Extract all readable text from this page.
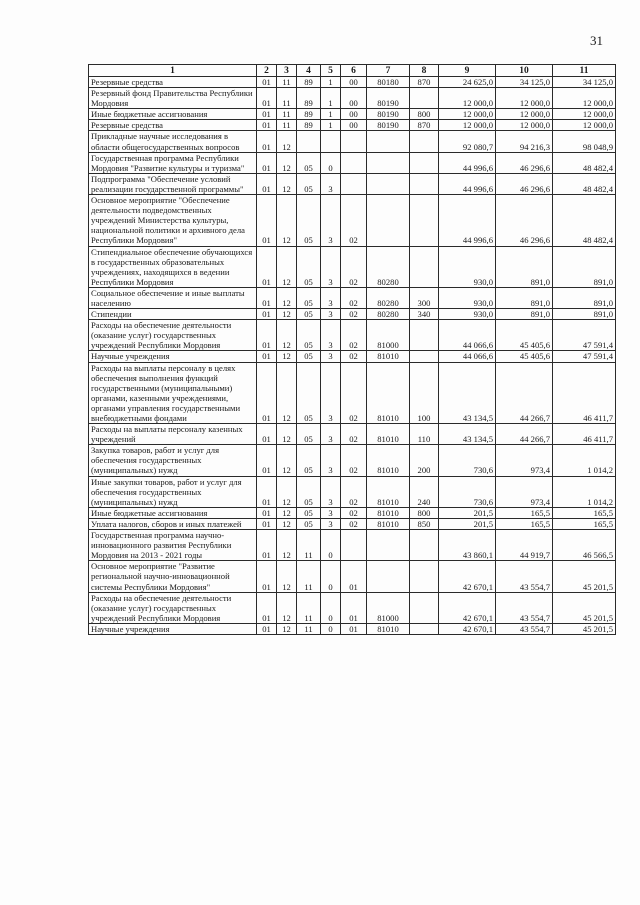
31
1	2	3	4	5	6	7	8	9	10	11
Резервные средства	01	11	89	1	00	80180	870	24 625,0	34 125,0	34 125,0
Резервный фонд Правительства Республики Мордовия	01	11	89	1	00	80190		12 000,0	12 000,0	12 000,0
Иные бюджетные ассигнования	01	11	89	1	00	80190	800	12 000,0	12 000,0	12 000,0
Резервные средства	01	11	89	1	00	80190	870	12 000,0	12 000,0	12 000,0
Прикладные научные исследования в области общегосударственных вопросов	01	12						92 080,7	94 216,3	98 048,9
Государственная программа Республики Мордовия "Развитие культуры и туризма"	01	12	05	0				44 996,6	46 296,6	48 482,4
Подпрограмма "Обеспечение условий реализации государственной программы"	01	12	05	3				44 996,6	46 296,6	48 482,4
Основное мероприятие "Обеспечение деятельности подведомственных учреждений Министерства культуры, национальной политики и архивного дела Республики Мордовия"	01	12	05	3	02			44 996,6	46 296,6	48 482,4
Стипендиальное обеспечение обучающихся в государственных образовательных учреждениях, находящихся в ведении Республики Мордовия	01	12	05	3	02	80280		930,0	891,0	891,0
Социальное обеспечение и иные выплаты населению	01	12	05	3	02	80280	300	930,0	891,0	891,0
Стипендии	01	12	05	3	02	80280	340	930,0	891,0	891,0
Расходы на обеспечение деятельности (оказание услуг) государственных учреждений Республики Мордовия	01	12	05	3	02	81000		44 066,6	45 405,6	47 591,4
Научные учреждения	01	12	05	3	02	81010		44 066,6	45 405,6	47 591,4
Расходы на выплаты персоналу в целях обеспечения выполнения функций государственными (муниципальными) органами, казенными учреждениями, органами управления государственными внебюджетными фондами	01	12	05	3	02	81010	100	43 134,5	44 266,7	46 411,7
Расходы на выплаты персоналу казенных учреждений	01	12	05	3	02	81010	110	43 134,5	44 266,7	46 411,7
Закупка товаров, работ и услуг для обеспечения государственных (муниципальных) нужд	01	12	05	3	02	81010	200	730,6	973,4	1 014,2
Иные закупки товаров, работ и услуг для обеспечения государственных (муниципальных) нужд	01	12	05	3	02	81010	240	730,6	973,4	1 014,2
Иные бюджетные ассигнования	01	12	05	3	02	81010	800	201,5	165,5	165,5
Уплата налогов, сборов и иных платежей	01	12	05	3	02	81010	850	201,5	165,5	165,5
Государственная программа научно-инновационного развития Республики Мордовия на 2013 - 2021 годы	01	12	11	0				43 860,1	44 919,7	46 566,5
Основное мероприятие "Развитие региональной научно-инновационной системы Республики Мордовия"	01	12	11	0	01			42 670,1	43 554,7	45 201,5
Расходы на обеспечение деятельности (оказание услуг) государственных учреждений Республики Мордовия	01	12	11	0	01	81000		42 670,1	43 554,7	45 201,5
Научные учреждения	01	12	11	0	01	81010		42 670,1	43 554,7	45 201,5
